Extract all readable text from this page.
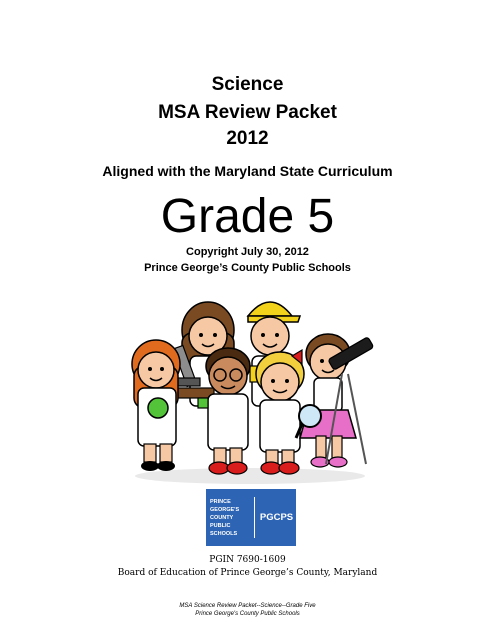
Science
MSA Review Packet
2012
Aligned with the Maryland State Curriculum
Grade 5
Copyright July 30, 2012
Prince George’s County Public Schools
PRINCE
GEORGE'S
COUNTY
PUBLIC
SCHOOLS
PGCPS
PGIN 7690-1609
Board of Education of Prince George’s County, Maryland
MSA Science Review Packet--Science--Grade Five
Prince George's County Public Schools
